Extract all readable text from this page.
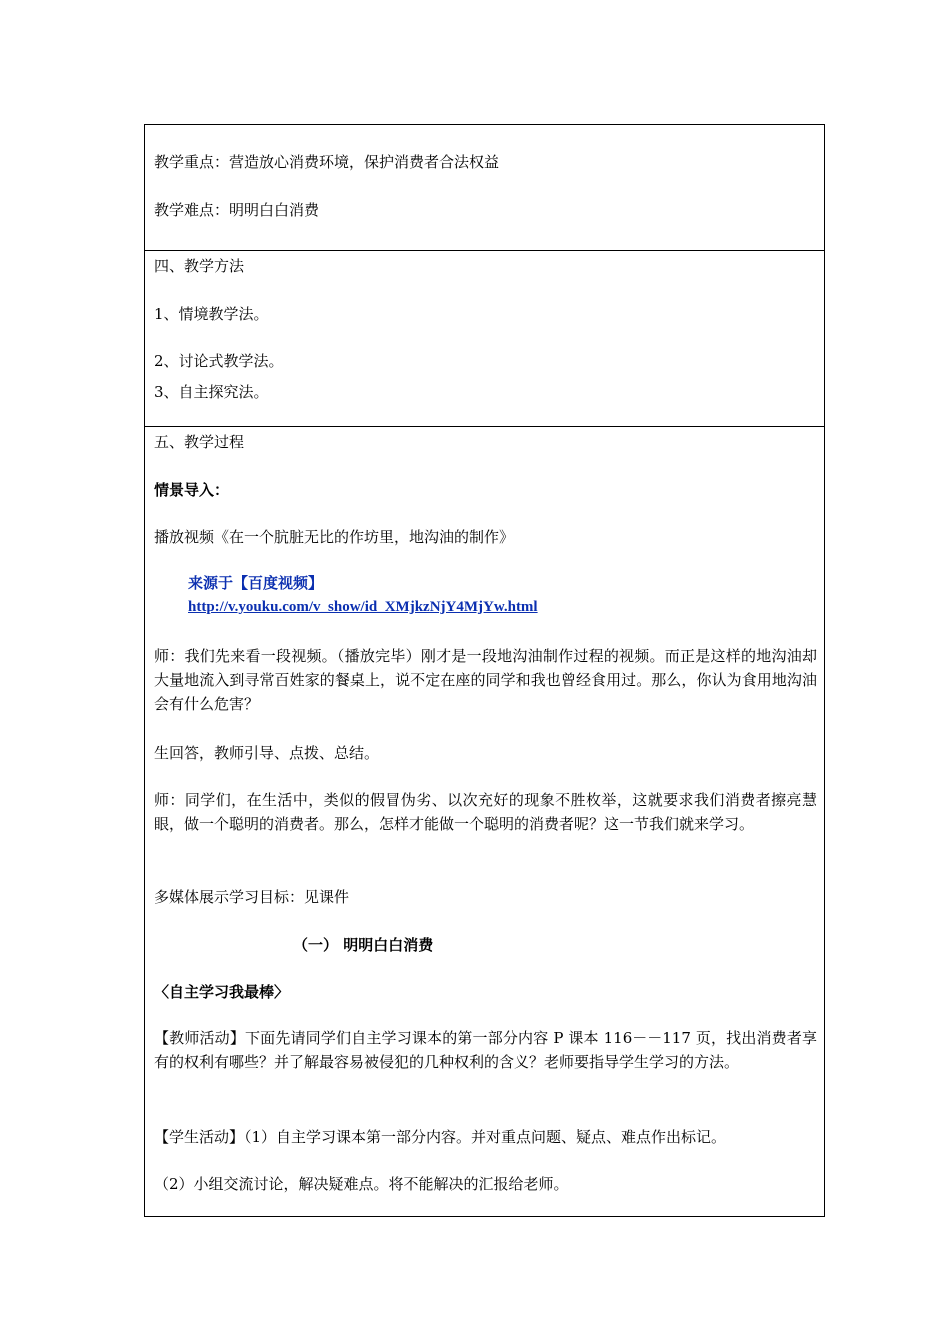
教学重点：营造放心消费环境，保护消费者合法权益
教学难点：明明白白消费
四、教学方法
1、情境教学法。
2、讨论式教学法。
3、自主探究法。
五、教学过程
情景导入：
播放视频《在一个肮脏无比的作坊里，地沟油的制作》
来源于【百度视频】
http://v.youku.com/v_show/id_XMjkzNjY4MjYw.html
师：我们先来看一段视频。（播放完毕）刚才是一段地沟油制作过程的视频。而正是这样的地沟油却大量地流入到寻常百姓家的餐桌上，说不定在座的同学和我也曾经食用过。那么，你认为食用地沟油会有什么危害？
生回答，教师引导、点拨、总结。
师：同学们，在生活中，类似的假冒伪劣、以次充好的现象不胜枚举，这就要求我们消费者擦亮慧眼，做一个聪明的消费者。那么，怎样才能做一个聪明的消费者呢？这一节我们就来学习。
多媒体展示学习目标：见课件
（一） 明明白白消费
〈自主学习我最棒〉
【教师活动】下面先请同学们自主学习课本的第一部分内容 P 课本 116－－117 页，找出消费者享有的权利有哪些？并了解最容易被侵犯的几种权利的含义？老师要指导学生学习的方法。
【学生活动】（1）自主学习课本第一部分内容。并对重点问题、疑点、难点作出标记。
（2）小组交流讨论，解决疑难点。将不能解决的汇报给老师。
